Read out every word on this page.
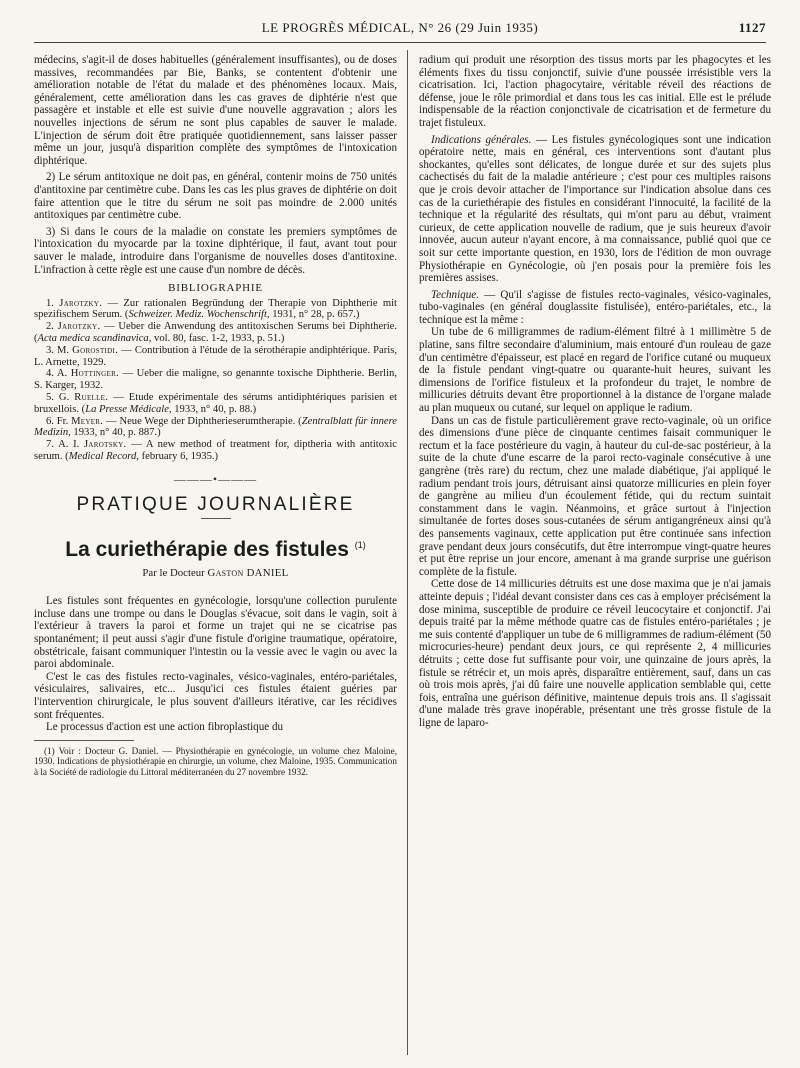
LE PROGRÈS MÉDICAL, N° 26 (29 Juin 1935)	1127

médecins, s'agit-il de doses habituelles (généralement insuffisantes), ou de doses massives, recommandées par Bie, Banks, se contentent d'obtenir une amélioration notable de l'état du malade et des phénomènes locaux. Mais, généralement, cette amélioration dans les cas graves de diphtérie n'est que passagère et instable et elle est suivie d'une nouvelle aggravation ; alors les nouvelles injections de sérum ne sont plus capables de sauver le malade. L'injection de sérum doit être pratiquée quotidiennement, sans laisser passer même un jour, jusqu'à disparition complète des symptômes de l'intoxication diphtérique.

2) Le sérum antitoxique ne doit pas, en général, contenir moins de 750 unités d'antitoxine par centimètre cube. Dans les cas les plus graves de diphtérie on doit faire attention que le titre du sérum ne soit pas moindre de 2.000 unités antitoxiques par centimètre cube.

3) Si dans le cours de la maladie on constate les premiers symptômes de l'intoxication du myocarde par la toxine diphtérique, il faut, avant tout pour sauver le malade, introduire dans l'organisme de nouvelles doses d'antitoxine. L'infraction à cette règle est une cause d'un nombre de décès.

BIBLIOGRAPHIE

1. Jarotzky. — Zur rationalen Begründung der Therapie von Diphtherie mit spezifischem Serum. (Schweizer. Mediz. Wochenschrift, 1931, n° 28, p. 657.)

2. Jarotzky. — Ueber die Anwendung des antitoxischen Serums bei Diphtherie. (Acta medica scandinavica, vol. 80, fasc. 1-2, 1933, p. 51.)

3. M. Gorostidi. — Contribution à l'étude de la sérothérapie andiphtérique. Paris, L. Arnette, 1929.

4. A. Hottinger. — Ueber die maligne, so genannte toxische Diphtherie. Berlin, S. Karger, 1932.

5. G. Ruelle. — Etude expérimentale des sérums antidiphtériques parisien et bruxellois. (La Presse Médicale, 1933, n° 40, p. 88.)

6. Fr. Meyer. — Neue Wege der Diphtherieserumtherapie. (Zentralblatt für innere Medizin, 1933, n° 40, p. 887.)

7. A. I. Jarotsky. — A new method of treatment for, diptheria with antitoxic serum. (Medical Record, february 6, 1935.)

———•———
PRATIQUE JOURNALIÈRE
La curiethérapie des fistules $^{(1)}$
Par le Docteur Gaston DANIEL

Les fistules sont fréquentes en gynécologie, lorsqu'une collection purulente incluse dans une trompe ou dans le Douglas s'évacue, soit dans le vagin, soit à l'extérieur à travers la paroi et forme un trajet qui ne se cicatrise pas spontanément; il peut aussi s'agir d'une fistule d'origine traumatique, opératoire, obstétricale, faisant communiquer l'intestin ou la vessie avec le vagin ou avec la paroi abdominale.

C'est le cas des fistules recto-vaginales, vésico-vaginales, entéro-pariétales, vésiculaires, salivaires, etc... Jusqu'ici ces fistules étaient guéries par l'intervention chirurgicale, le plus souvent d'ailleurs itérative, car les récidives sont fréquentes.

Le processus d'action est une action fibroplastique du

(1) Voir : Docteur G. Daniel. — Physiothérapie en gynécologie, un volume chez Maloine, 1930. Indications de physiothérapie en chirurgie, un volume, chez Maloine, 1935. Communication à la Société de radiologie du Littoral méditerranéen du 27 novembre 1932.

radium qui produit une résorption des tissus morts par les phagocytes et les éléments fixes du tissu conjonctif, suivie d'une poussée irrésistible vers la cicatrisation. Ici, l'action phagocytaire, véritable réveil des réactions de défense, joue le rôle primordial et dans tous les cas initial. Elle est le prélude indispensable de la réaction conjonctivale de cicatrisation et de fermeture du trajet fistuleux.

Indications générales. — Les fistules gynécologiques sont une indication opératoire nette, mais en général, ces interventions sont d'autant plus shockantes, qu'elles sont délicates, de longue durée et sur des sujets plus cachectisés du fait de la maladie antérieure ; c'est pour ces multiples raisons que je crois devoir attacher de l'importance sur l'indication absolue dans ces cas de la curiethérapie des fistules en considérant l'innocuité, la facilité de la technique et la régularité des résultats, qui m'ont paru au début, vraiment curieux, de cette application nouvelle de radium, que je suis heureux d'avoir innovée, aucun auteur n'ayant encore, à ma connaissance, publié quoi que ce soit sur cette importante question, en 1930, lors de l'édition de mon ouvrage Physiothérapie en Gynécologie, où j'en posais pour la première fois les premières assises.

Technique. — Qu'il s'agisse de fistules recto-vaginales, vésico-vaginales, tubo-vaginales (en général douglassite fistulisée), entéro-pariétales, etc., la technique est la même :

Un tube de 6 milligrammes de radium-élément filtré à 1 millimètre 5 de platine, sans filtre secondaire d'aluminium, mais entouré d'un rouleau de gaze d'un centimètre d'épaisseur, est placé en regard de l'orifice cutané ou muqueux de la fistule pendant vingt-quatre ou quarante-huit heures, suivant les dimensions de l'orifice fistuleux et la profondeur du trajet, le nombre de millicuries détruits devant être proportionnel à la distance de l'organe malade au plan muqueux ou cutané, sur lequel on applique le radium.

Dans un cas de fistule particulièrement grave recto-vaginale, où un orifice des dimensions d'une pièce de cinquante centimes faisait communiquer le rectum et la face postérieure du vagin, à hauteur du cul-de-sac postérieur, à la suite de la chute d'une escarre de la paroi recto-vaginale consécutive à une gangrène (très rare) du rectum, chez une malade diabétique, j'ai appliqué le radium pendant trois jours, détruisant ainsi quatorze millicuries en plein foyer de gangrène au milieu d'un écoulement fétide, qui du rectum suintait constamment dans le vagin. Néanmoins, et grâce surtout à l'injection simultanée de fortes doses sous-cutanées de sérum antigangréneux ainsi qu'à des pansements vaginaux, cette application put être continuée sans infection grave pendant deux jours consécutifs, dut être interrompue vingt-quatre heures et put être reprise un jour encore, amenant à ma grande surprise une guérison complète de la fistule.

Cette dose de 14 millicuries détruits est une dose maxima que je n'ai jamais atteinte depuis ; l'idéal devant consister dans ces cas à employer précisément la dose minima, susceptible de produire ce réveil leucocytaire et conjonctif. J'ai depuis traité par la même méthode quatre cas de fistules entéro-pariétales ; je me suis contenté d'appliquer un tube de 6 milligrammes de radium-élément (50 microcuries-heure) pendant deux jours, ce qui représente 2, 4 millicuries détruits ; cette dose fut suffisante pour voir, une quinzaine de jours après, la fistule se rétrécir et, un mois après, disparaître entièrement, sauf, dans un cas où trois mois après, j'ai dû faire une nouvelle application semblable qui, cette fois, entraîna une guérison définitive, maintenue depuis trois ans. Il s'agissait d'une malade très grave inopérable, présentant une très grosse fistule de la ligne de laparo-
